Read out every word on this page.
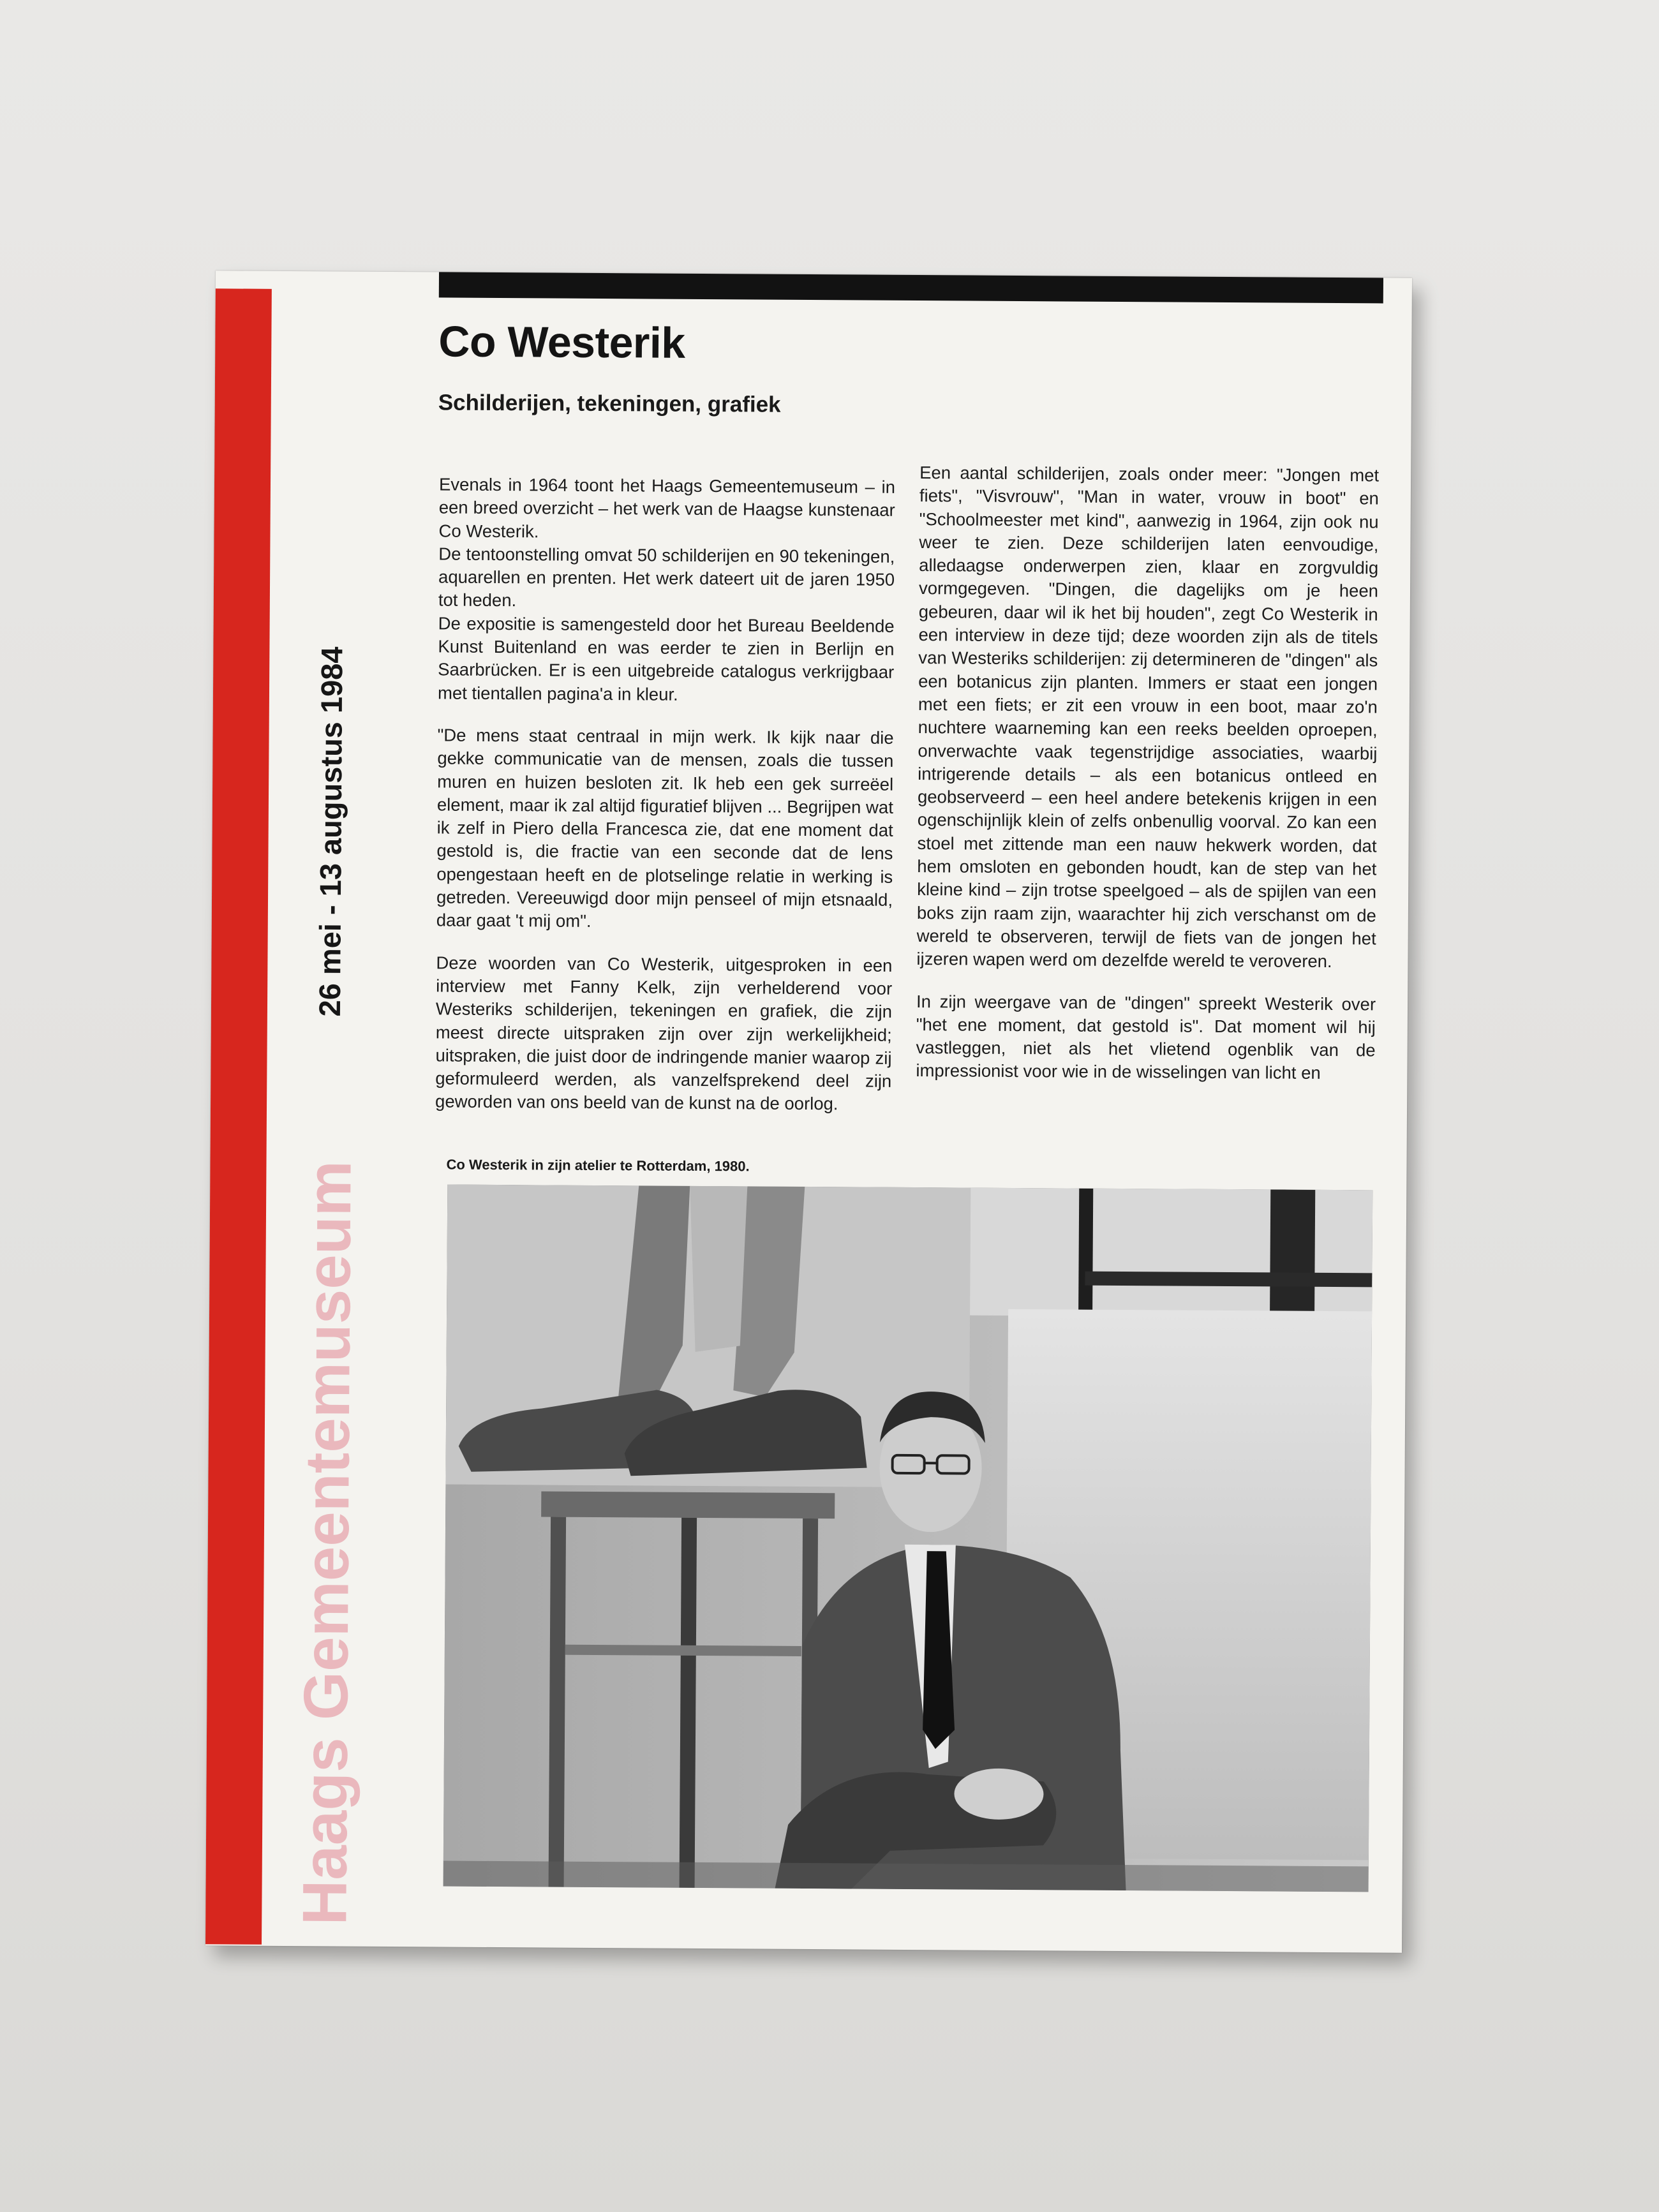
Haags Gemeentemuseum
26 mei - 13 augustus 1984
Co Westerik
Schilderijen, tekeningen, grafiek

Evenals in 1964 toont het Haags Gemeentemuseum – in een breed overzicht – het werk van de Haagse kunstenaar Co Westerik.
De tentoonstelling omvat 50 schilderijen en 90 tekeningen, aquarellen en prenten. Het werk dateert uit de jaren 1950 tot heden.
De expositie is samengesteld door het Bureau Beeldende Kunst Buitenland en was eerder te zien in Berlijn en Saarbrücken. Er is een uitgebreide catalogus verkrijgbaar met tientallen pagina'a in kleur.

"De mens staat centraal in mijn werk. Ik kijk naar die gekke communicatie van de mensen, zoals die tussen muren en huizen besloten zit. Ik heb een gek surreëel element, maar ik zal altijd figuratief blijven ... Begrijpen wat ik zelf in Piero della Francesca zie, dat ene moment dat gestold is, die fractie van een seconde dat de lens opengestaan heeft en de plotselinge relatie in werking is getreden. Vereeuwigd door mijn penseel of mijn etsnaald, daar gaat 't mij om".

Deze woorden van Co Westerik, uitgesproken in een interview met Fanny Kelk, zijn verhelderend voor Westeriks schilderijen, tekeningen en grafiek, die zijn meest directe uitspraken zijn over zijn werkelijkheid; uitspraken, die juist door de indringende manier waarop zij geformuleerd werden, als vanzelfsprekend deel zijn geworden van ons beeld van de kunst na de oorlog.

Een aantal schilderijen, zoals onder meer: "Jongen met fiets", "Visvrouw", "Man in water, vrouw in boot" en "Schoolmeester met kind", aanwezig in 1964, zijn ook nu weer te zien. Deze schilderijen laten eenvoudige, alledaagse onderwerpen zien, klaar en zorgvuldig vormgegeven. "Dingen, die dagelijks om je heen gebeuren, daar wil ik het bij houden", zegt Co Westerik in een interview in deze tijd; deze woorden zijn als de titels van Westeriks schilderijen: zij determineren de "dingen" als een botanicus zijn planten. Immers er staat een jongen met een fiets; er zit een vrouw in een boot, maar zo'n nuchtere waarneming kan een reeks beelden oproepen, onverwachte vaak tegenstrijdige associaties, waarbij intrigerende details – als een botanicus ontleed en geobserveerd – een heel andere betekenis krijgen in een ogenschijnlijk klein of zelfs onbenullig voorval. Zo kan een stoel met zittende man een nauw hekwerk worden, dat hem omsloten en gebonden houdt, kan de step van het kleine kind – zijn trotse speelgoed – als de spijlen van een boks zijn raam zijn, waarachter hij zich verschanst om de wereld te observeren, terwijl de fiets van de jongen het ijzeren wapen werd om dezelfde wereld te veroveren.

In zijn weergave van de "dingen" spreekt Westerik over "het ene moment, dat gestold is". Dat moment wil hij vastleggen, niet als het vlietend ogenblik van de impressionist voor wie in de wisselingen van licht en

Co Westerik in zijn atelier te Rotterdam, 1980.
